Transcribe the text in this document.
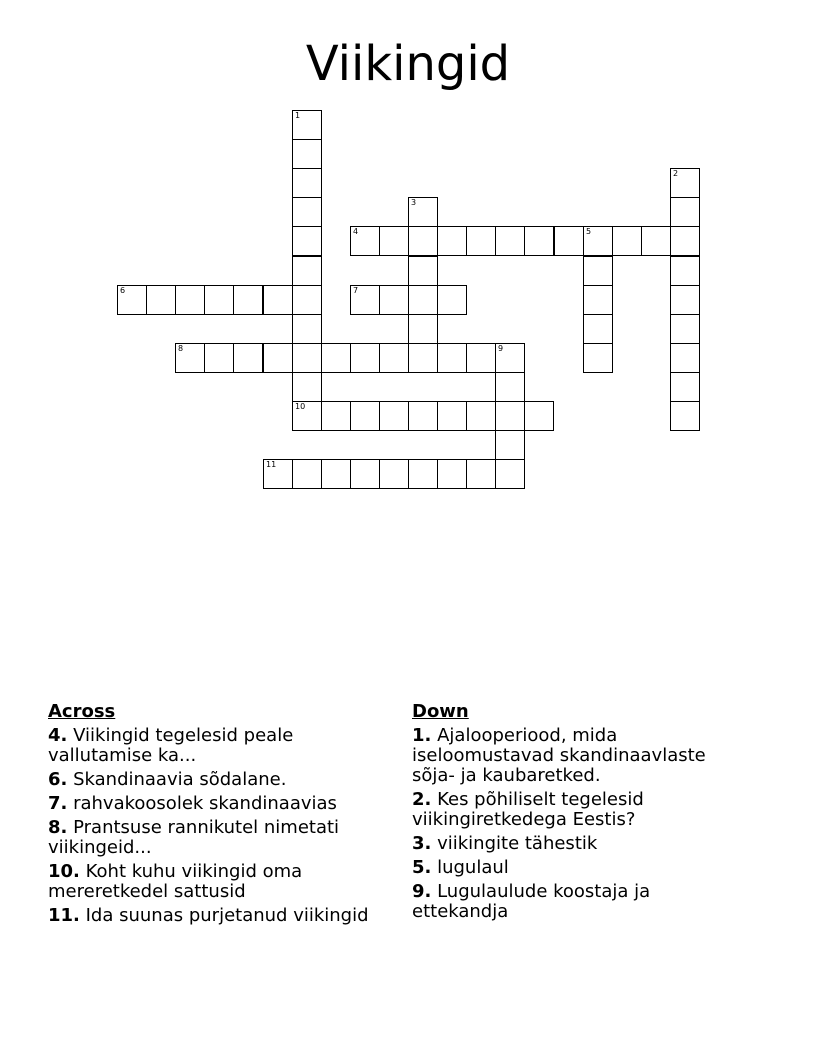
Viikingid
1
2
3
4	5
6	7
8	9
10
11
Across
4. Viikingid tegelesid peale vallutamise ka...
6. Skandinaavia sõdalane.
7. rahvakoosolek skandinaavias
8. Prantsuse rannikutel nimetati viikingeid...
10. Koht kuhu viikingid oma mereretkedel sattusid
11. Ida suunas purjetanud viikingid
Down
1. Ajalooperiood, mida iseloomustavad skandinaavlaste sõja- ja kaubaretked.
2. Kes põhiliselt tegelesid viikingiretkedega Eestis?
3. viikingite tähestik
5. lugulaul
9. Lugulaulude koostaja ja ettekandja
